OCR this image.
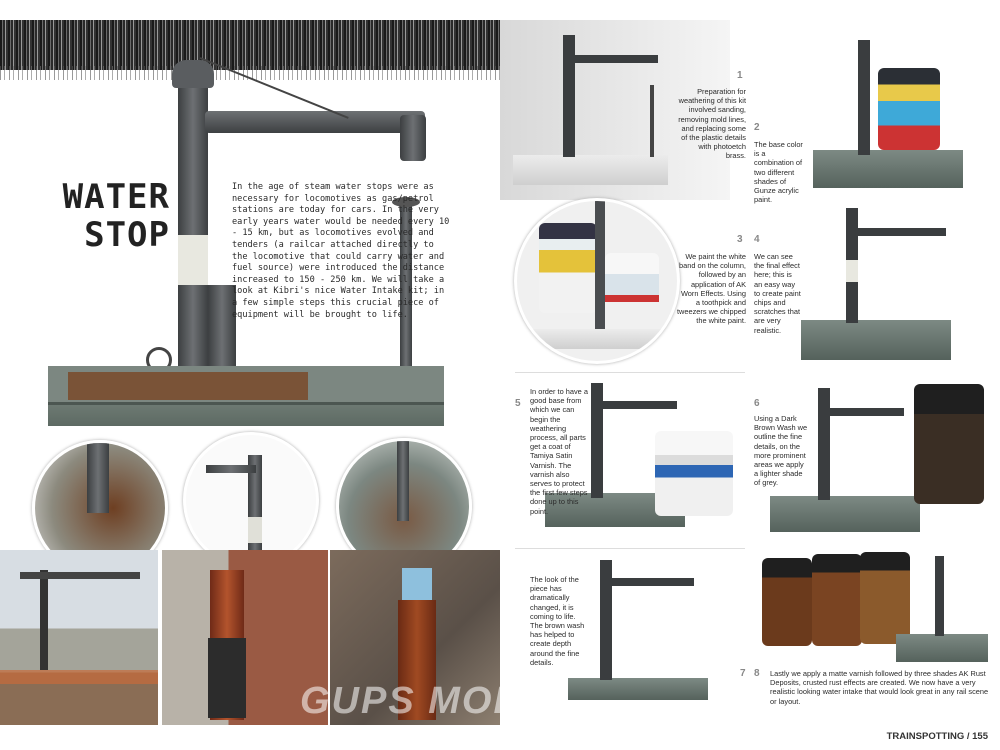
WATER
STOP
In the age of steam water stops were as necessary for locomotives as gas/petrol stations are today for cars. In the very early years water would be needed every 10 - 15 km, but as locomotives evolved and tenders (a railcar attached directly to the locomotive that could carry water and fuel source) were introduced the distance increased to 150 - 250 km. We will take a look at Kibri's nice Water Intake kit; in a few simple steps this crucial piece of equipment will be brought to life.
1
Preparation for weathering of this kit involved sanding, removing mold lines, and replacing some of the plastic details with photoetch brass.
2
The base color is a combination of two different shades of Gunze acrylic paint.
3
We paint the white band on the column, followed by an application of AK Worn Effects. Using a toothpick and tweezers we chipped the white paint.
4
We can see the final effect here; this is an easy way to create paint chips and scratches that are very realistic.
5
In order to have a good base from which we can begin the weathering process, all parts get a coat of Tamiya Satin Varnish. The varnish also serves to protect the first few steps done up to this point.
6
Using a Dark Brown Wash we outline the fine details, on the more prominent areas we apply a lighter shade of grey.
The look of the piece has dramatically changed, it is coming to life. The brown wash has helped to create depth around the fine details.
7 8 Lastly we apply a matte varnish followed by three shades AK Rust Deposits, crusted rust effects are created. We now have a very realistic looking water intake that would look great in any rail scene or layout.
TRAINSPOTTING / 155
GUPS MODEL
